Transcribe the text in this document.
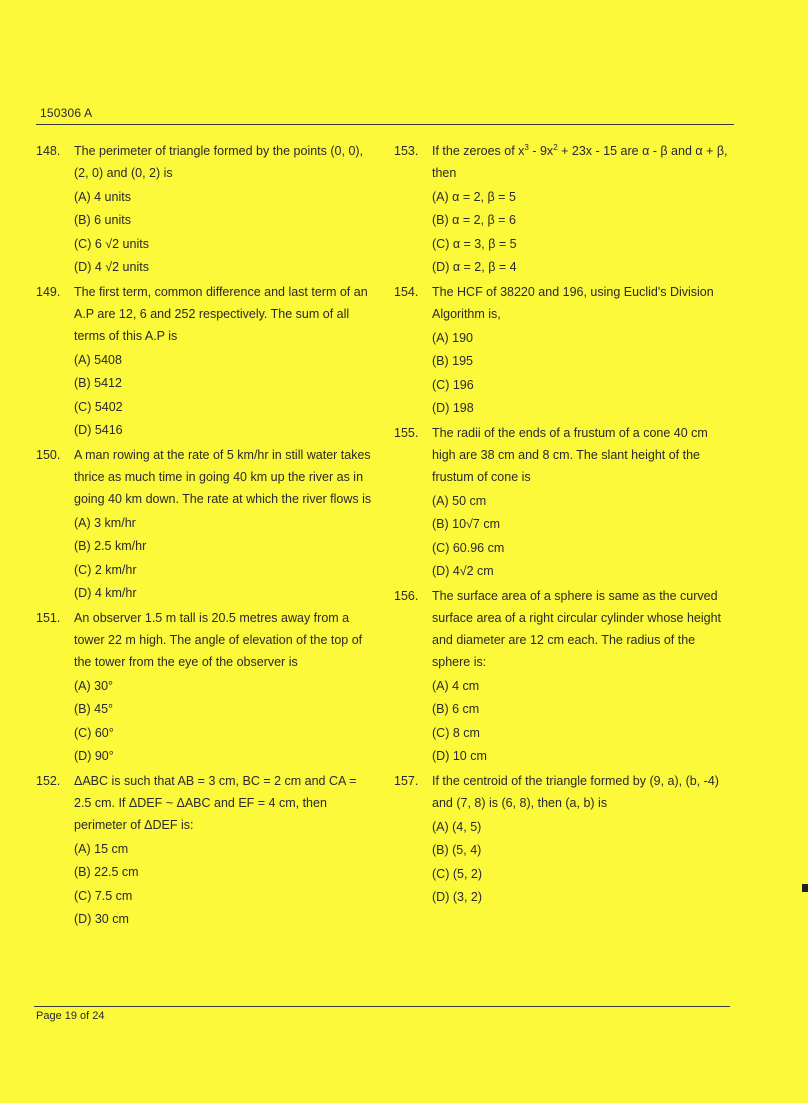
150306 A
148. The perimeter of triangle formed by the points (0, 0), (2, 0) and (0, 2) is
(A) 4 units
(B) 6 units
(C) 6 √2 units
(D) 4 √2 units
149. The first term, common difference and last term of an A.P are 12, 6 and 252 respectively. The sum of all terms of this A.P is
(A) 5408
(B) 5412
(C) 5402
(D) 5416
150. A man rowing at the rate of 5 km/hr in still water takes thrice as much time in going 40 km up the river as in going 40 km down. The rate at which the river flows is
(A) 3 km/hr
(B) 2.5 km/hr
(C) 2 km/hr
(D) 4 km/hr
151. An observer 1.5 m tall is 20.5 metres away from a tower 22 m high. The angle of elevation of the top of the tower from the eye of the observer is
(A) 30°
(B) 45°
(C) 60°
(D) 90°
152. ΔABC is such that AB = 3 cm, BC = 2 cm and CA = 2.5 cm. If ΔDEF ~ ΔABC and EF = 4 cm, then perimeter of ΔDEF is:
(A) 15 cm
(B) 22.5 cm
(C) 7.5 cm
(D) 30 cm
153. If the zeroes of $x^3 - 9x^2 + 23x - 15$ are α - β and α + β, then
(A) α = 2, β = 5
(B) α = 2, β = 6
(C) α = 3, β = 5
(D) α = 2, β = 4
154. The HCF of 38220 and 196, using Euclid's Division Algorithm is,
(A) 190
(B) 195
(C) 196
(D) 198
155. The radii of the ends of a frustum of a cone 40 cm high are 38 cm and 8 cm. The slant height of the frustum of cone is
(A) 50 cm
(B) 10√7 cm
(C) 60.96 cm
(D) 4√2 cm
156. The surface area of a sphere is same as the curved surface area of a right circular cylinder whose height and diameter are 12 cm each. The radius of the sphere is:
(A) 4 cm
(B) 6 cm
(C) 8 cm
(D) 10 cm
157. If the centroid of the triangle formed by (9, a), (b, -4) and (7, 8) is (6, 8), then (a, b) is
(A) (4, 5)
(B) (5, 4)
(C) (5, 2)
(D) (3, 2)
Page 19 of 24
